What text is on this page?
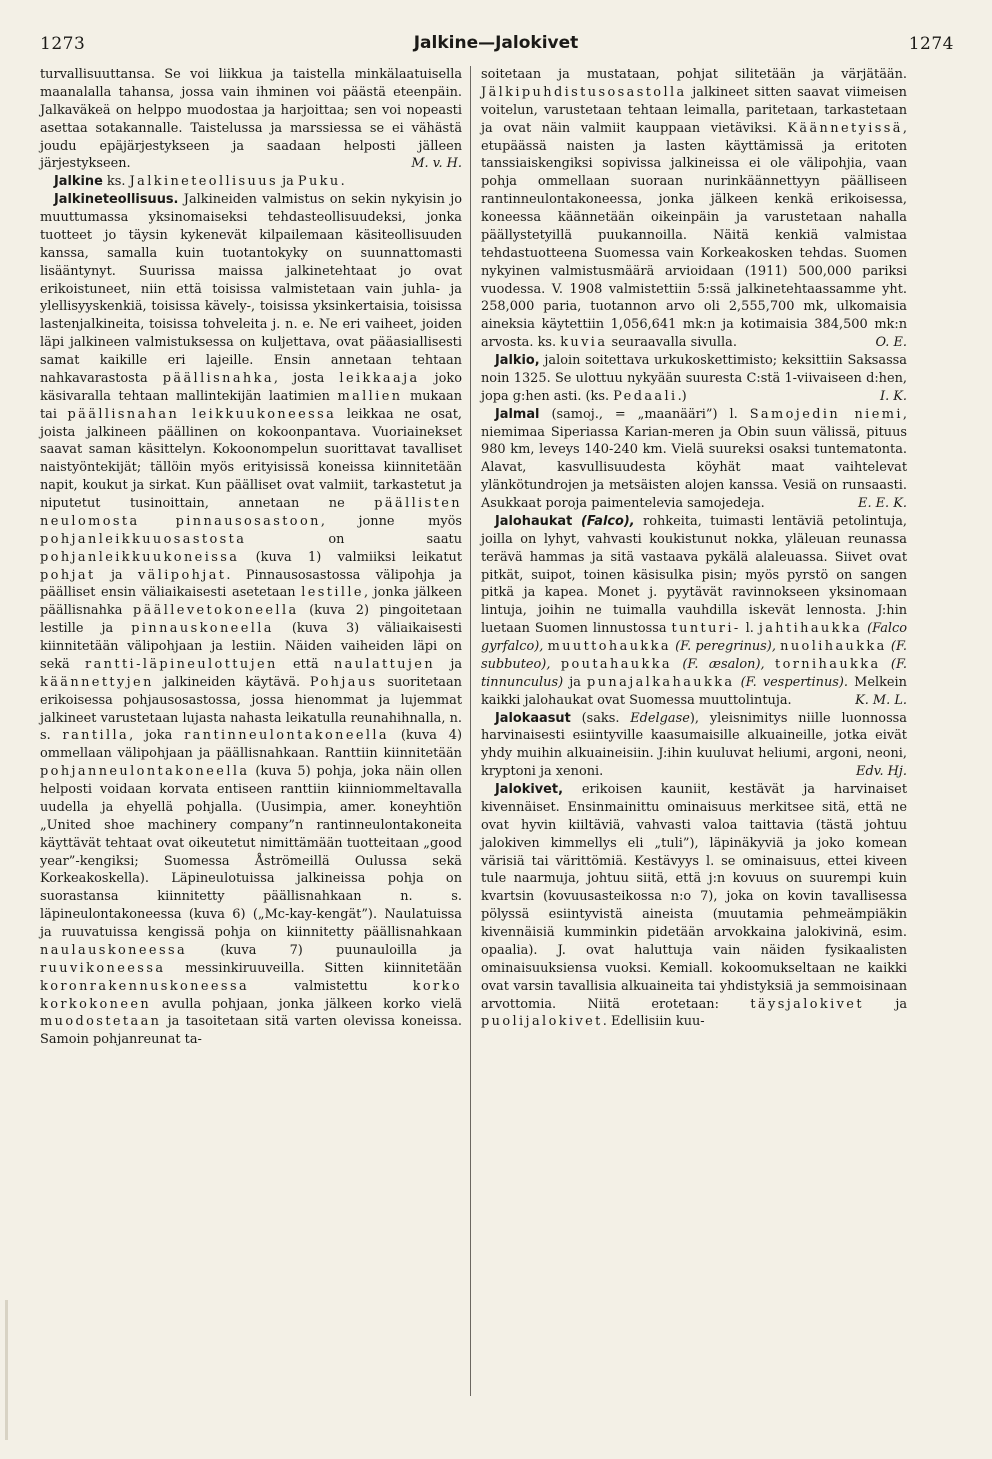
1273	Jalkine—Jalokivet	1274

turvallisuuttansa. Se voi liikkua ja taistella minkälaatuisella maanalalla tahansa, jossa vain ihminen voi päästä eteenpäin. Jalkaväkeä on helppo muodostaa ja harjoittaa; sen voi nopeasti asettaa sotakannalle. Taistelussa ja marssiessa se ei vähästä joudu epäjärjestykseen ja saadaan helposti jälleen järjestykseen.	M. v. H.

Jalkine ks. Jalkineteollisuus ja Puku.

Jalkineteollisuus. Jalkineiden valmistus on sekin nykyisin jo muuttumassa yksinomaiseksi tehdasteollisuudeksi, jonka tuotteet jo täysin kykenevät kilpailemaan käsiteollisuuden kanssa, samalla kuin tuotantokyky on suunnattomasti lisääntynyt. Suurissa maissa jalkinetehtaat jo ovat erikoistuneet, niin että toisissa valmistetaan vain juhla- ja ylellisyyskenkiä, toisissa kävely-, toisissa yksinkertaisia, toisissa lastenjalkineita, toisissa tohveleita j. n. e. Ne eri vaiheet, joiden läpi jalkineen valmistuksessa on kuljettava, ovat pääasiallisesti samat kaikille eri lajeille. Ensin annetaan tehtaan nahkavarastosta päällisnahka, josta leikkaaja joko käsivaralla tehtaan mallintekijän laatimien mallien mukaan tai päällisnahan leikkuukoneessa leikkaa ne osat, joista jalkineen päällinen on kokoonpantava. Vuoriainekset saavat saman käsittelyn. Kokoonompelun suorittavat tavalliset naistyöntekijät; tällöin myös erityisissä koneissa kiinnitetään napit, koukut ja sirkat. Kun päälliset ovat valmiit, tarkastetut ja niputetut tusinoittain, annetaan ne päällisten neulomosta pinnausosastoon, jonne myös pohjanleikkuuosastosta on saatu pohjanleikkuukoneissa (kuva 1) valmiiksi leikatut pohjat ja välipohjat. Pinnausosastossa välipohja ja päälliset ensin väliaikaisesti asetetaan lestille, jonka jälkeen päällisnahka päällevetokoneella (kuva 2) pingoitetaan lestille ja pinnauskoneella (kuva 3) väliaikaisesti kiinnitetään välipohjaan ja lestiin. Näiden vaiheiden läpi on sekä rantti-läpineulottujen että naulattujen ja käännettyjen jalkineiden käytävä. Pohjaus suoritetaan erikoisessa pohjausosastossa, jossa hienommat ja lujemmat jalkineet varustetaan lujasta nahasta leikatulla reunahihnalla, n. s. rantilla, joka rantinneulontakoneella (kuva 4) ommellaan välipohjaan ja päällisnahkaan. Ranttiin kiinnitetään pohjanneulontakoneella (kuva 5) pohja, joka näin ollen helposti voidaan korvata entiseen ranttiin kiinniommeltavalla uudella ja ehyellä pohjalla. (Uusimpia, amer. koneyhtiön „United shoe machinery company”n rantinneulontakoneita käyttävät tehtaat ovat oikeutetut nimittämään tuotteitaan „good year”-kengiksi; Suomessa Åströmeillä Oulussa sekä Korkeakoskella). Läpineulotuissa jalkineissa pohja on suorastansa kiinnitetty päällisnahkaan n. s. läpineulontakoneessa (kuva 6) („Mc-kay-kengät”). Naulatuissa ja ruuvatuissa kengissä pohja on kiinnitetty päällisnahkaan naulauskoneessa (kuva 7) puunauloilla ja ruuvikoneessa messinkiruuveilla. Sitten kiinnitetään koronrakennuskoneessa valmistettu korko korkokoneen avulla pohjaan, jonka jälkeen korko vielä muodostetaan ja tasoitetaan sitä varten olevissa koneissa. Samoin pohjanreunat ta-

soitetaan ja mustataan, pohjat silitetään ja värjätään. Jälkipuhdistusosastolla jalkineet sitten saavat viimeisen voitelun, varustetaan tehtaan leimalla, paritetaan, tarkastetaan ja ovat näin valmiit kauppaan vietäviksi. Käännetyissä, etupäässä naisten ja lasten käyttämissä ja eritoten tanssiaiskengiksi sopivissa jalkineissa ei ole välipohjia, vaan pohja ommellaan suoraan nurinkäännettyyn päälliseen rantinneulontakoneessa, jonka jälkeen kenkä erikoisessa, koneessa käännetään oikeinpäin ja varustetaan nahalla päällystetyillä puukannoilla. Näitä kenkiä valmistaa tehdastuotteena Suomessa vain Korkeakosken tehdas. Suomen nykyinen valmistusmäärä arvioidaan (1911) 500,000 pariksi vuodessa. V. 1908 valmistettiin 5:ssä jalkinetehtaassamme yht. 258,000 paria, tuotannon arvo oli 2,555,700 mk, ulkomaisia aineksia käytettiin 1,056,641 mk:n ja kotimaisia 384,500 mk:n arvosta. ks. kuvia seuraavalla sivulla.	O. E.

Jalkio, jaloin soitettava urkukoskettimisto; keksittiin Saksassa noin 1325. Se ulottuu nykyään suuresta C:stä 1-viivaiseen d:hen, jopa g:hen asti. (ks. Pedaali.)	I. K.

Jalmal (samoj., = „maanääri”) l. Samojedin niemi, niemimaa Siperiassa Karian-meren ja Obin suun välissä, pituus 980 km, leveys 140-240 km. Vielä suureksi osaksi tuntematonta. Alavat, kasvullisuudesta köyhät maat vaihtelevat ylänkötundrojen ja metsäisten alojen kanssa. Vesiä on runsaasti. Asukkaat poroja paimentelevia samojedeja.	E. E. K.

Jalohaukat (Falco), rohkeita, tuimasti lentäviä petolintuja, joilla on lyhyt, vahvasti koukistunut nokka, yläleuan reunassa terävä hammas ja sitä vastaava pykälä alaleuassa. Siivet ovat pitkät, suipot, toinen käsisulka pisin; myös pyrstö on sangen pitkä ja kapea. Monet j. pyytävät ravinnokseen yksinomaan lintuja, joihin ne tuimalla vauhdilla iskevät lennosta. J:hin luetaan Suomen linnustossa tunturi- l. jahtihaukka (Falco gyrfalco), muuttohaukka (F. peregrinus), nuolihaukka (F. subbuteo), poutahaukka (F. æsalon), tornihaukka (F. tinnunculus) ja punajalkahaukka (F. vespertinus). Melkein kaikki jalohaukat ovat Suomessa muuttolintuja.	K. M. L.

Jalokaasut (saks. Edelgase), yleisnimitys niille luonnossa harvinaisesti esiintyville kaasumaisille alkuaineille, jotka eivät yhdy muihin alkuaineisiin. J:ihin kuuluvat heliumi, argoni, neoni, kryptoni ja xenoni.	Edv. Hj.

Jalokivet, erikoisen kauniit, kestävät ja harvinaiset kivennäiset. Ensinmainittu ominaisuus merkitsee sitä, että ne ovat hyvin kiiltäviä, vahvasti valoa taittavia (tästä johtuu jalokiven kimmellys eli „tuli”), läpinäkyviä ja joko komean värisiä tai värittömiä. Kestävyys l. se ominaisuus, ettei kiveen tule naarmuja, johtuu siitä, että j:n kovuus on suurempi kuin kvartsin (kovuusasteikossa n:o 7), joka on kovin tavallisessa pölyssä esiintyvistä aineista (muutamia pehmeämpiäkin kivennäisiä kumminkin pidetään arvokkaina jalokivinä, esim. opaalia). J. ovat haluttuja vain näiden fysikaalisten ominaisuuksiensa vuoksi. Kemiall. kokoomukseltaan ne kaikki ovat varsin tavallisia alkuaineita tai yhdistyksiä ja semmoisinaan arvottomia. Niitä erotetaan: täysjalokivet ja puolijalokivet. Edellisiin kuu-
